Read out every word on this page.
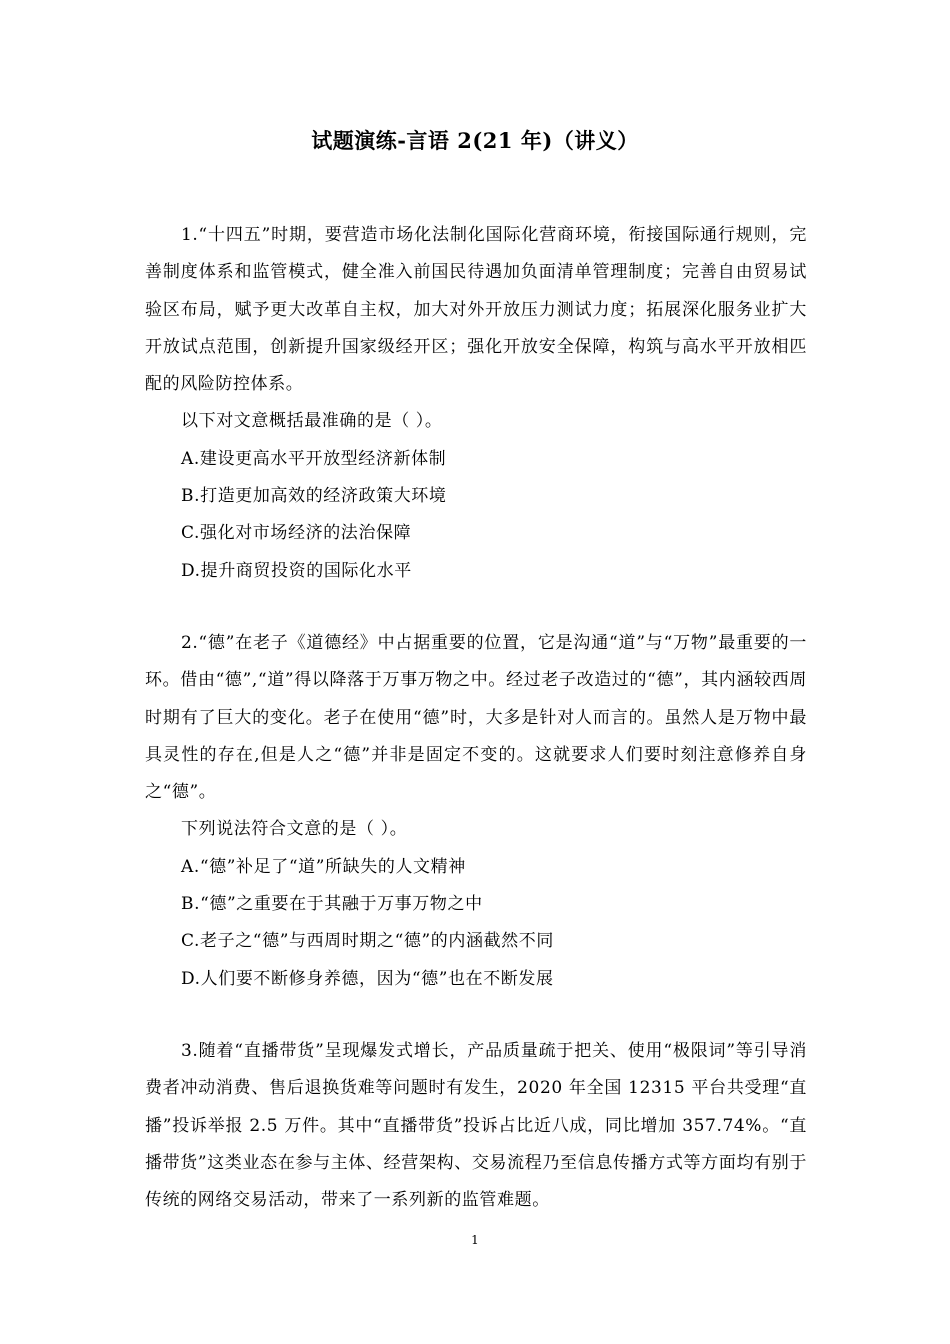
试题演练-言语 2(21 年)（讲义）

1.“十四五”时期，要营造市场化法制化国际化营商环境，衔接国际通行规则，完善制度体系和监管模式，健全准入前国民待遇加负面清单管理制度；完善自由贸易试验区布局，赋予更大改革自主权，加大对外开放压力测试力度；拓展深化服务业扩大开放试点范围，创新提升国家级经开区；强化开放安全保障，构筑与高水平开放相匹配的风险防控体系。

以下对文意概括最准确的是（ ）。

A.建设更高水平开放型经济新体制

B.打造更加高效的经济政策大环境

C.强化对市场经济的法治保障

D.提升商贸投资的国际化水平

2.“德”在老子《道德经》中占据重要的位置，它是沟通“道”与“万物”最重要的一环。借由“德”,“道”得以降落于万事万物之中。经过老子改造过的“德”，其内涵较西周时期有了巨大的变化。老子在使用“德”时，大多是针对人而言的。虽然人是万物中最具灵性的存在,但是人之“德”并非是固定不变的。这就要求人们要时刻注意修养自身之“德”。

下列说法符合文意的是（ ）。

A.“德”补足了“道”所缺失的人文精神

B.“德”之重要在于其融于万事万物之中

C.老子之“德”与西周时期之“德”的内涵截然不同

D.人们要不断修身养德，因为“德”也在不断发展

3.随着“直播带货”呈现爆发式增长，产品质量疏于把关、使用“极限词”等引导消费者冲动消费、售后退换货难等问题时有发生，2020 年全国 12315 平台共受理“直播”投诉举报 2.5 万件。其中“直播带货”投诉占比近八成，同比增加 357.74%。“直播带货”这类业态在参与主体、经营架构、交易流程乃至信息传播方式等方面均有别于传统的网络交易活动，带来了一系列新的监管难题。

1
